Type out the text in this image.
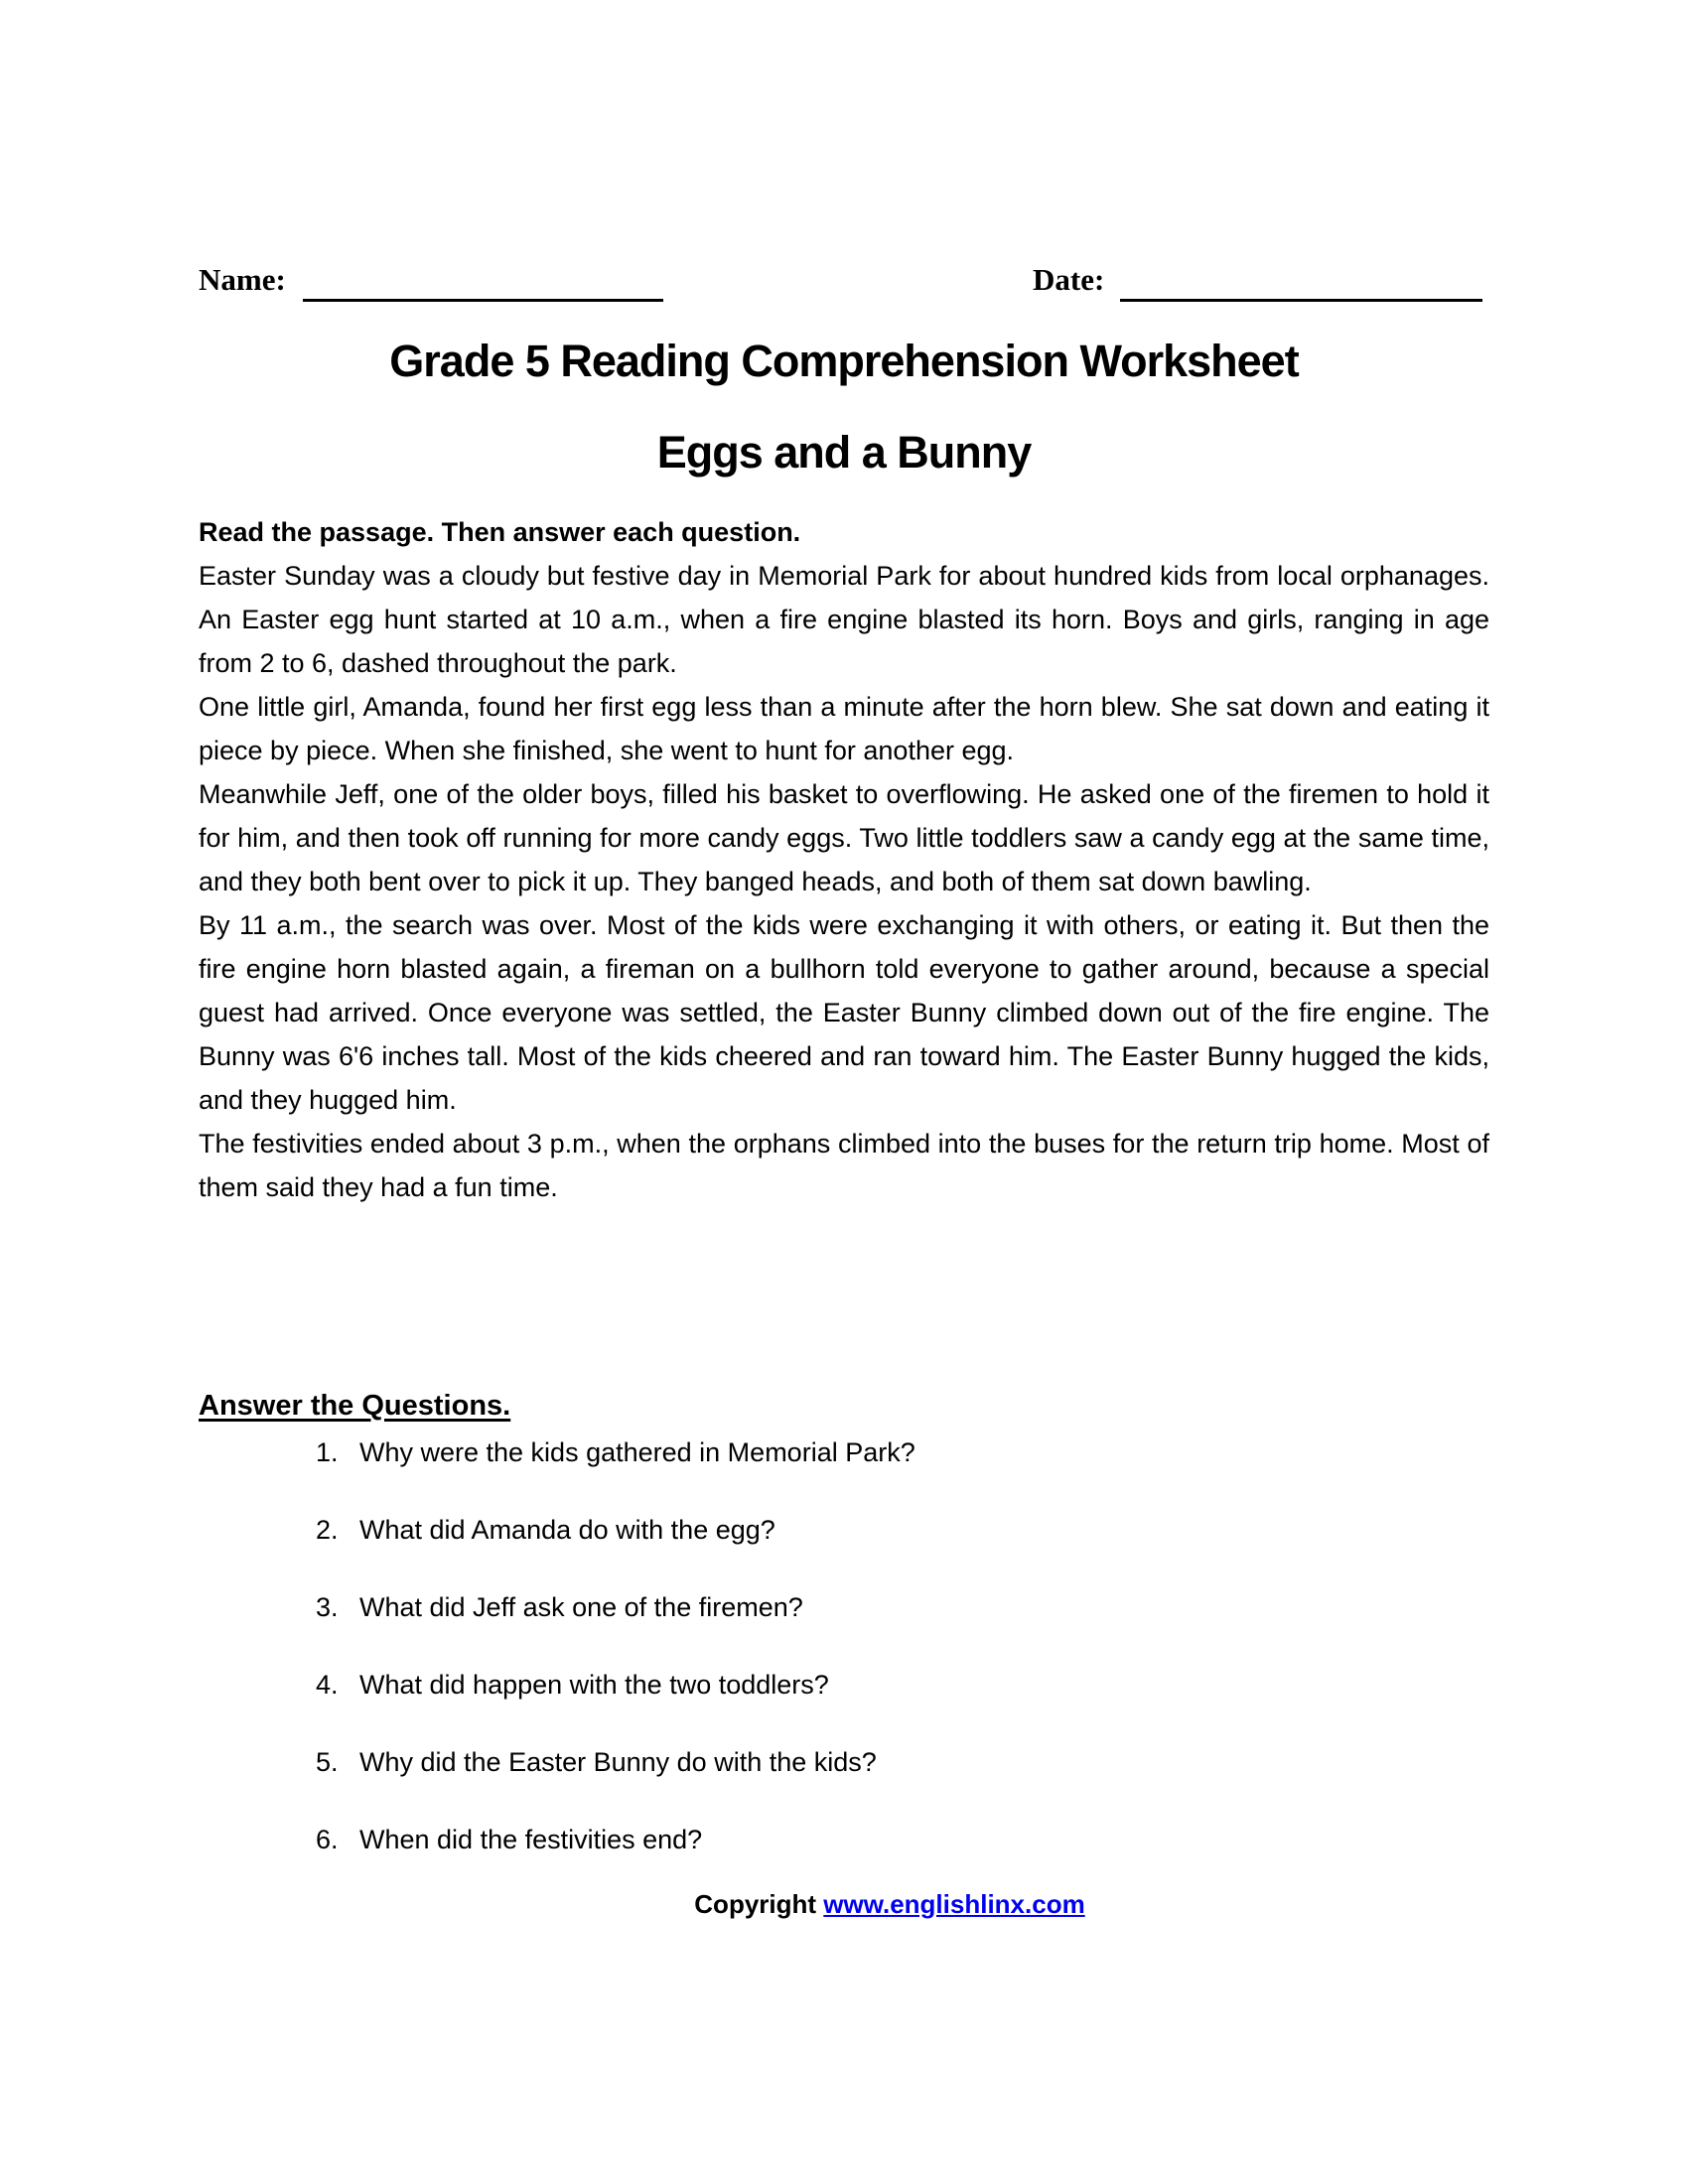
Name:	Date:
Grade 5 Reading Comprehension Worksheet
Eggs and a Bunny

Read the passage. Then answer each question.

Easter Sunday was a cloudy but festive day in Memorial Park for about hundred kids from local orphanages. An Easter egg hunt started at 10 a.m., when a fire engine blasted its horn. Boys and girls, ranging in age from 2 to 6, dashed throughout the park.

One little girl, Amanda, found her first egg less than a minute after the horn blew. She sat down and eating it piece by piece. When she finished, she went to hunt for another egg.

Meanwhile Jeff, one of the older boys, filled his basket to overflowing. He asked one of the firemen to hold it for him, and then took off running for more candy eggs. Two little toddlers saw a candy egg at the same time, and they both bent over to pick it up. They banged heads, and both of them sat down bawling.

By 11 a.m., the search was over. Most of the kids were exchanging it with others, or eating it. But then the fire engine horn blasted again, a fireman on a bullhorn told everyone to gather around, because a special guest had arrived. Once everyone was settled, the Easter Bunny climbed down out of the fire engine. The Bunny was 6'6 inches tall. Most of the kids cheered and ran toward him. The Easter Bunny hugged the kids, and they hugged him.

The festivities ended about 3 p.m., when the orphans climbed into the buses for the return trip home. Most of them said they had a fun time.

Answer the Questions.

1. Why were the kids gathered in Memorial Park?
2. What did Amanda do with the egg?
3. What did Jeff ask one of the firemen?
4. What did happen with the two toddlers?
5. Why did the Easter Bunny do with the kids?
6. When did the festivities end?
Copyright www.englishlinx.com
